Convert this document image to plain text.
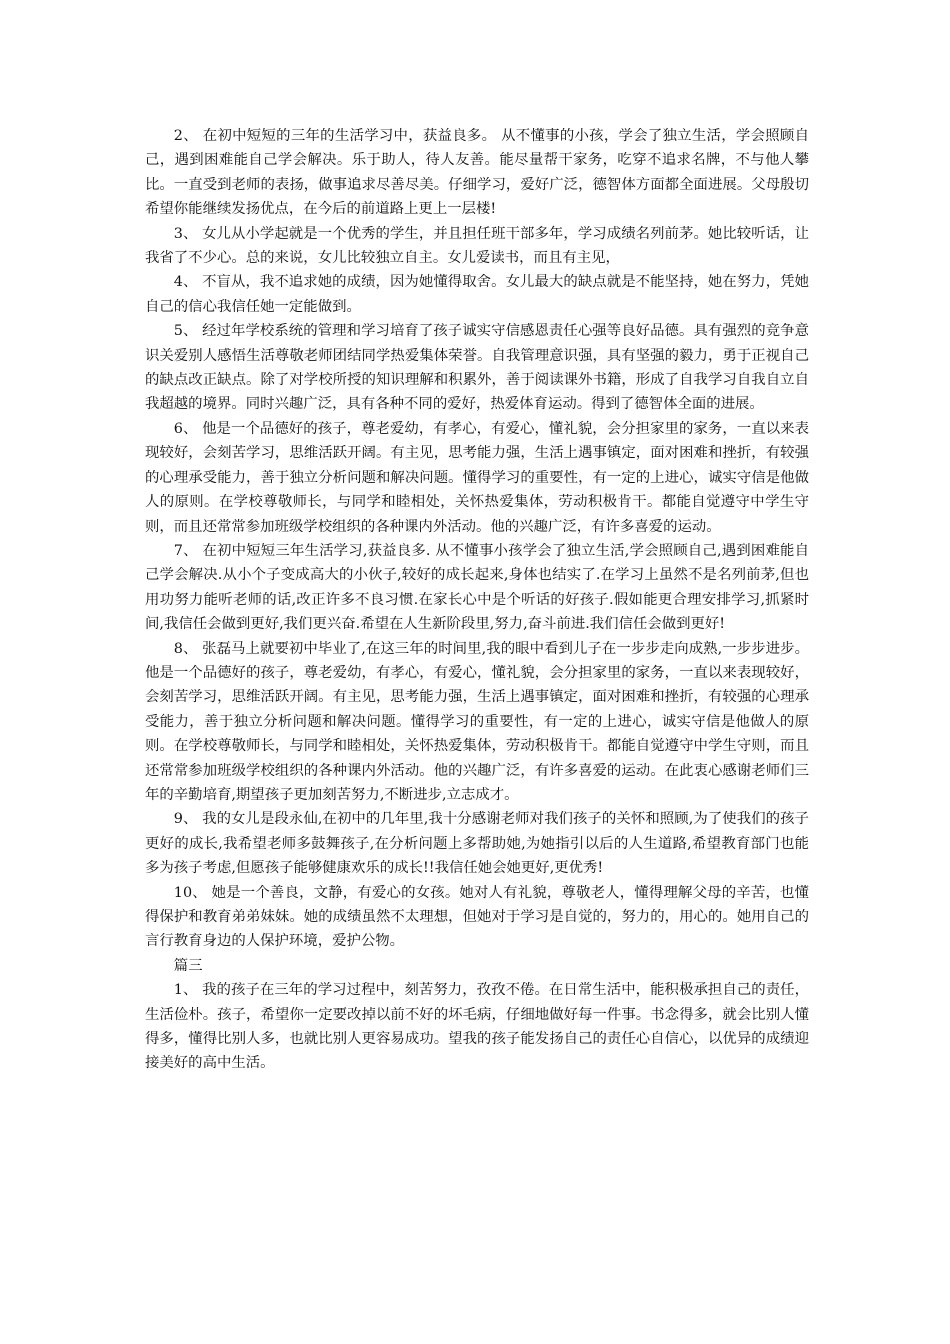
2、 在初中短短的三年的生活学习中，获益良多。 从不懂事的小孩，学会了独立生活，学会照顾自己，遇到困难能自己学会解决。乐于助人，待人友善。能尽量帮干家务，吃穿不追求名牌，不与他人攀比。一直受到老师的表扬，做事追求尽善尽美。仔细学习，爱好广泛，德智体方面都全面进展。父母殷切希望你能继续发扬优点，在今后的前道路上更上一层楼!

3、 女儿从小学起就是一个优秀的学生，并且担任班干部多年，学习成绩名列前茅。她比较听话，让我省了不少心。总的来说，女儿比较独立自主。女儿爱读书，而且有主见，

4、 不盲从，我不追求她的成绩，因为她懂得取舍。女儿最大的缺点就是不能坚持，她在努力，凭她自己的信心我信任她一定能做到。

5、 经过年学校系统的管理和学习培育了孩子诚实守信感恩责任心强等良好品德。具有强烈的竞争意识关爱别人感悟生活尊敬老师团结同学热爱集体荣誉。自我管理意识强，具有坚强的毅力，勇于正视自己的缺点改正缺点。除了对学校所授的知识理解和积累外，善于阅读课外书籍，形成了自我学习自我自立自我超越的境界。同时兴趣广泛，具有各种不同的爱好，热爱体育运动。得到了德智体全面的进展。

6、 他是一个品德好的孩子，尊老爱幼，有孝心，有爱心，懂礼貌，会分担家里的家务，一直以来表现较好，会刻苦学习，思维活跃开阔。有主见，思考能力强，生活上遇事镇定，面对困难和挫折，有较强的心理承受能力，善于独立分析问题和解决问题。懂得学习的重要性，有一定的上进心，诚实守信是他做人的原则。在学校尊敬师长，与同学和睦相处，关怀热爱集体，劳动积极肯干。都能自觉遵守中学生守则，而且还常常参加班级学校组织的各种课内外活动。他的兴趣广泛，有许多喜爱的运动。

7、 在初中短短三年生活学习,获益良多. 从不懂事小孩学会了独立生活,学会照顾自己,遇到困难能自己学会解决.从小个子变成高大的小伙子,较好的成长起来,身体也结实了.在学习上虽然不是名列前茅,但也用功努力能听老师的话,改正许多不良习惯.在家长心中是个听话的好孩子.假如能更合理安排学习,抓紧时间,我信任会做到更好,我们更兴奋.希望在人生新阶段里,努力,奋斗前进.我们信任会做到更好!

8、 张磊马上就要初中毕业了,在这三年的时间里,我的眼中看到儿子在一步步走向成熟,一步步进步。 他是一个品德好的孩子，尊老爱幼，有孝心，有爱心，懂礼貌，会分担家里的家务，一直以来表现较好，会刻苦学习，思维活跃开阔。有主见，思考能力强，生活上遇事镇定，面对困难和挫折，有较强的心理承受能力，善于独立分析问题和解决问题。懂得学习的重要性，有一定的上进心，诚实守信是他做人的原则。在学校尊敬师长，与同学和睦相处，关怀热爱集体，劳动积极肯干。都能自觉遵守中学生守则，而且还常常参加班级学校组织的各种课内外活动。他的兴趣广泛，有许多喜爱的运动。在此衷心感谢老师们三年的辛勤培育,期望孩子更加刻苦努力,不断进步,立志成才。

9、 我的女儿是段永仙,在初中的几年里,我十分感谢老师对我们孩子的关怀和照顾,为了使我们的孩子更好的成长,我希望老师多鼓舞孩子,在分析问题上多帮助她,为她指引以后的人生道路,希望教育部门也能多为孩子考虑,但愿孩子能够健康欢乐的成长!!我信任她会她更好,更优秀!

10、 她是一个善良，文静，有爱心的女孩。她对人有礼貌，尊敬老人，懂得理解父母的辛苦，也懂得保护和教育弟弟妹妹。她的成绩虽然不太理想，但她对于学习是自觉的，努力的，用心的。她用自己的言行教育身边的人保护环境，爱护公物。

篇三

1、 我的孩子在三年的学习过程中，刻苦努力，孜孜不倦。在日常生活中，能积极承担自己的责任，生活俭朴。孩子，希望你一定要改掉以前不好的坏毛病，仔细地做好每一件事。书念得多，就会比别人懂得多，懂得比别人多，也就比别人更容易成功。望我的孩子能发扬自己的责任心自信心，以优异的成绩迎接美好的高中生活。
